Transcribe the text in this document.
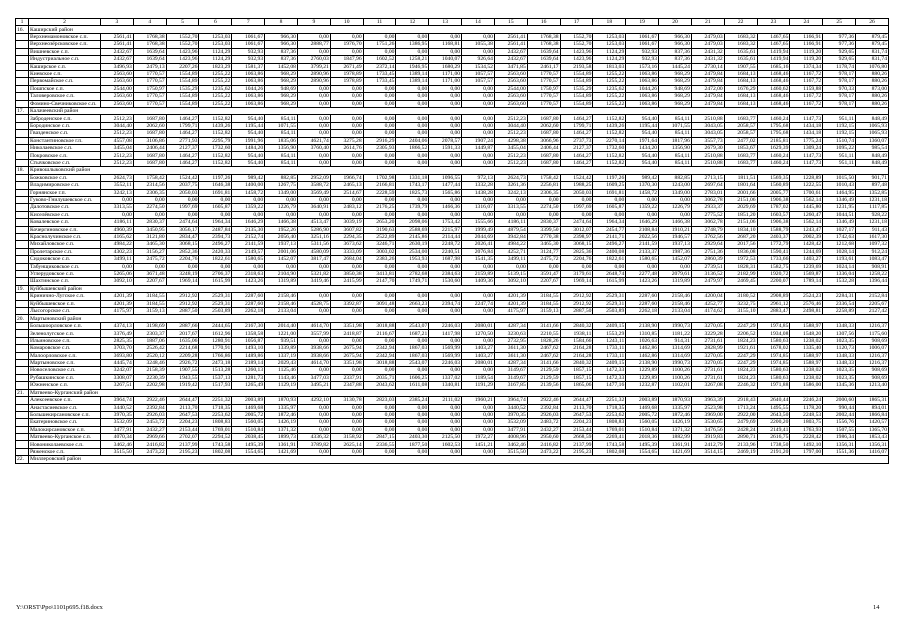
1	2	3	4	5	6	7	8	9	10	11	12	13	14	15	16	17	18	19	20	21	22	23	24	25	26
16.	Каширский район																								
	Верхнемамоновское с.п.	2561,41	1768,38	1552,70	1253,03	1061,67	966,30	0,00	0,00	0,00	0,00	0,00	0,00	2561,41	1768,38	1552,70	1253,03	1061,67	966,30	2479,03	1683,32	1467,65	1166,91	977,36	879,45
	Верхнеозёрсковское с.п.	2561,41	1768,38	1552,70	1253,03	1061,67	966,30	2888,77	1976,70	1751,26	1386,95	1168,81	1055,38	2561,41	1768,38	1552,70	1253,03	1061,67	966,30	2479,03	1683,32	1467,65	1166,91	977,36	879,45
	Вишневское с.п.	2432,67	1639,64	1423,96	1124,29	932,93	837,36	0,00	0,00	0,00	0,00	0,00	0,00	2432,67	1639,64	1423,96	1124,29	932,93	837,36	2431,32	1635,61	1419,94	1119,20	929,65	831,74
	Индустриальное с.п.	2432,67	1639,64	1423,96	1124,29	932,93	837,36	2760,03	1847,96	1602,52	1258,21	1040,07	926,64	2432,67	1639,64	1423,96	1124,29	932,93	837,36	2431,32	1635,61	1419,94	1119,20	929,65	831,74
	Каширское с.п.	3496,93	2479,13	2207,26	1823,29	1581,37	1452,08	3799,21	2671,49	2372,14	1946,95	1680,29	1534,52	3471,85	2461,17	2193,58	1813,03	1573,16	1445,24	2730,14	1907,55	1685,16	1374,34	1178,74	1076,80
	Киевское с.п.	2563,60	1770,57	1554,89	1255,22	1063,86	968,29	2890,96	1978,89	1733,45	1389,14	1171,00	1057,57	2563,60	1770,57	1554,89	1255,22	1063,86	968,29	2479,84	1684,13	1468,46	1167,72	978,17	880,26
	Первомайское с.п.	2563,60	1770,57	1554,89	1255,22	1063,86	968,29	2890,96	1978,89	1733,45	1389,14	1171,00	1057,57	2563,60	1770,57	1554,89	1255,22	1063,86	968,29	2479,84	1684,13	1468,46	1167,72	978,17	880,26
	Пошпское с.п.	2544,00	1750,97	1535,29	1235,62	1044,26	948,69	0,00	0,00	0,00	0,00	0,00	0,00	2544,00	1750,97	1535,29	1235,62	1044,26	948,69	2472,00	1676,29	1460,62	1159,88	970,33	873,00
	Таловеровское с.п.	2563,60	1770,57	1554,89	1255,22	1063,86	968,29	0,00	0,00	0,00	0,00	0,00	0,00	2563,60	1770,57	1554,89	1255,22	1063,86	968,29	2479,84	1684,13	1468,46	1167,72	978,17	880,26
	Фомино-Свечниковское с.п.	2563,60	1770,57	1554,89	1255,22	1063,86	968,29	0,00	0,00	0,00	0,00	0,00	0,00	2563,60	1770,57	1554,89	1255,22	1063,86	968,29	2479,84	1684,13	1468,46	1167,72	978,17	880,26
17.	Калачеевский район																								
	Заброденское с.п.	2512,23	1687,80	1464,27	1152,82	954,40	854,11	0,00	0,00	0,00	0,00	0,00	0,00	2512,23	1687,80	1464,27	1152,82	954,40	854,11	2510,88	1683,77	1460,24	1147,73	951,11	848,49
	Бородинское с.п.	3044,40	2062,60	1799,71	1439,26	1195,44	1071,55	0,00	0,00	0,00	0,00	0,00	0,00	3044,40	2062,60	1799,71	1439,26	1195,44	1071,55	3043,05	2058,57	1795,68	1434,18	1192,15	1065,93
	Гвазденское с.п.	2512,23	1687,80	1464,27	1152,82	954,40	854,11	0,00	0,00	0,00	0,00	0,00	0,00	2512,23	1687,80	1464,27	1152,82	954,40	854,11	3043,05	2058,57	1795,68	1434,18	1192,15	1065,93
	Константиновское г.п.	4557,08	3106,86	2771,93	2295,79	1991,96	1835,06	4621,74	3275,28	2916,29	2404,06	2078,57	1907,24	4298,38	3066,96	2737,73	2270,14	1971,64	1817,96	3557,73	2477,02	2185,81	1775,24	1510,74	1360,07
	Николаевское с.п.	3455,04	2406,44	2127,37	1732,60	1484,20	1356,90	3760,40	2614,76	2305,93	1866,52	1591,33	1449,87	3455,04	2406,44	2127,37	1732,60	1434,20	1356,90	2679,30	1853,67	1629,39	1309,24	1095,22	985,54
	Покровское с.п.	2512,23	1687,80	1464,27	1152,82	954,40	854,11	0,00	0,00	0,00	0,00	0,00	0,00	2512,23	1687,80	1464,27	1152,82	954,40	854,11	2510,88	1683,77	1460,24	1147,73	951,11	848,49
	Стычковское с.п.	2512,23	1687,80	1464,27	1152,82	954,40	854,11	0,00	0,00	0,00	0,00	0,00	0,00	2512,23	1687,80	1464,27	1152,82	954,40	854,11	2510,88	1683,77	1460,24	1147,73	951,11	848,49
18.	Кривошлыковский район																								
	Божковское с.п.	2624,73	1758,42	1524,42	1197,26	989,42	882,85	2952,09	1966,74	1702,98	1331,18	1096,55	972,13	2624,73	1758,42	1524,42	1197,26	989,42	882,85	2713,15	1811,51	1569,35	1228,89	1015,50	901,71
	Владимировское с.п.	3552,11	2314,56	2037,75	1646,38	1400,00	1267,75	3588,72	2465,13	2166,81	1743,17	1477,44	1332,28	3261,36	2256,81	1988,25	1609,25	1370,30	1243,00	2697,64	1801,64	1560,89	1222,55	1010,43	897,48
	Горнянское г.п.	3242,13	2306,35	2050,03	1691,81	1458,72	1349,00	3569,49	2514,67	2228,59	1825,73	1565,86	1438,28	3242,13	2306,35	2050,03	1691,81	1458,72	1349,00	2783,01	2001,66	2005,77	1700,61	1464,95	1352,85
	Гуково-Гнилушевское с.п.	0,00	0,00	0,00	0,00	0,00	0,00	0,00	0,00	0,00	0,00	0,00	0,00	0,00	0,00	0,00	0,00	0,00	0,00	3062,78	2151,06	1906,38	1562,14	1346,49	1231,18
	Далотовское с.п.	3313,55	2274,50	1997,69	1605,87	1359,22	1226,79	3640,91	2483,12	2176,25	1739,79	1466,36	1316,07	3313,55	2274,50	1997,69	1605,87	1359,22	1226,79	2933,37	2029,69	1787,02	1445,80	1231,95	1117,85
	Киселёвское с.п.	0,00	0,00	0,00	0,00	0,00	0,00	0,00	0,00	0,00	0,00	0,00	0,00	0,00	0,00	0,00	0,00	0,00	0,00	2775,52	1851,20	1603,57	1260,47	1044,51	928,22
	Ковалевское с.п.	4186,11	2830,37	2474,64	1964,34	1646,29	1466,38	4513,47	3039,19	2653,20	2098,06	1753,42	1555,66	4186,11	2830,37	2474,64	1964,34	1646,29	1466,38	3062,78	2151,06	1906,38	1562,14	1346,49	1231,18
	Кочергиновское с.п.	4960,39	3450,95	3056,17	2487,84	2135,30	1952,26	5286,90	3607,82	3190,63	2588,69	2215,97	1999,49	4879,54	3399,50	3012,07	2454,77	2108,84	1910,21	2748,79	1834,10	1588,79	1243,47	1027,17	911,43
	Краснолучинское с.п.	4165,62	3121,80	2834,47	2394,73	2152,74	2056,40	3251,16	2294,35	2522,89	2145,86	2114,44	2044,69	3942,84	2770,38	2398,97	2141,71	2022,56	1946,57	3762,56	2687,20	2403,37	2002,39	1742,63	1617,30
	Михайловское с.п.	4984,22	3465,30	3068,15	2496,27	2141,59	1937,13	5311,56	3673,62	3246,71	2630,19	2248,72	2026,41	4984,22	3465,30	3068,15	2496,27	2141,59	1937,13	2929,64	2017,56	1772,79	1428,42	1212,68	1097,32
	Пролетарское с.п.	4302,23	3156,27	2852,36	2420,33	2149,57	2001,06	4580,09	3333,09	3003,02	2534,00	2240,51	2076,84	4252,71	3124,77	2825,36	2400,08	2133,37	1987,36	2751,36	1836,08	1590,41	1244,69	1028,14	912,24
	Сидоковское с.п.	3499,11	2475,72	2204,76	1822,61	1580,65	1452,07	3817,47	2684,04	2383,26	1953,93	1687,98	1541,35	3499,11	2475,72	2204,76	1822,61	1580,65	1452,07	2860,39	1972,53	1733,66	1403,27	1193,61	1083,47
	Табунщиковское с.п.	0,00	0,00	0,00	0,00	0,00	0,00	0,00	0,00	0,00	0,00	0,00	0,00	0,00	0,00	0,00	0,00	0,00	0,00	2739,51	1828,31	1582,75	1239,69	1024,14	908,91
	Углерудовское с.п.	5265,06	3671,48	3248,19	2706,37	2318,63	2104,90	5321,82	3850,38	3413,81	2782,68	2384,63	2159,89	5139,15	3591,47	3179,61	2648,74	2277,48	2079,61	3136,52	2182,99	1920,72	1569,87	1336,04	1258,22
	Шахтинское с.п.	3092,10	2207,67	1969,14	1615,99	1423,26	1319,89	3419,46	2415,99	2147,70	1749,71	1530,60	1409,36	3092,10	2207,67	1969,14	1615,99	1423,26	1319,89	2479,97	2469,45	2200,07	1789,14	1532,28	1396,44
19.	Куйбышевский район																								
	Кринично-Лугское с.п.	4201,39	3184,55	2912,92	2529,31	2287,60	2158,46	0,00	0,00	0,00	0,00	0,00	0,00	4201,39	3184,55	2912,92	2529,31	2287,60	2158,46	4200,04	3180,52	2908,89	2524,23	2284,31	2152,84
	Куйбышевское с.п.	4201,39	3184,55	2912,92	2529,31	2287,60	2158,46	4528,75	3392,87	3091,48	2663,23	2394,74	2247,74	4201,39	3184,55	2912,92	2529,31	2287,60	2158,46	4252,77	3232,75	2961,12	2576,46	2336,54	2205,67
	Лысогорское с.п.	4175,97	3159,13	2887,50	2503,89	2262,18	2133,04	0,00	0,00	0,00	0,00	0,00	0,00	4175,97	3159,13	2887,50	2503,89	2262,18	2133,04	4174,62	3155,10	2883,47	2498,81	2258,89	2127,42
20.	Мартыновский район																								
	Большоорловское с.п.	4374,13	3198,69	2887,66	2444,65	2167,30	2014,40	4614,70	3351,98	3018,88	2543,07	2246,03	2080,01	4287,34	3141,66	2840,32	2409,15	2138,90	1990,73	3270,05	2247,29	1974,85	1588,97	1348,33	1216,37
	Зеленолугское с.п.	3376,49	2303,37	2017,67	1612,96	1358,58	1221,00	3557,99	2418,87	2116,67	1687,21	1417,98	1270,50	3230,63	2210,55	1938,11	1553,29	1310,85	1181,22	3229,28	2206,52	1934,08	1548,20	1307,56	1175,60
	Ильиновское с.п.	2825,35	1887,06	1635,06	1280,91	1056,87	939,51	0,00	0,00	0,00	0,00	0,00	0,00	2732,95	1828,26	1584,66	1243,11	1026,63	914,31	2731,61	1824,23	1580,63	1238,02	1023,35	908,69
	Комаровское с.п.	3703,70	2526,42	2214,68	1770,91	1493,10	1339,89	3938,66	2675,94	2342,94	1867,03	1569,99	1403,27	3611,30	2467,62	2164,28	1733,11	1462,86	1314,69	2828,99	1921,61	1678,02	1335,40	1120,73	1006,07
	Малоорловское с.п.	3693,80	2520,12	2209,28	1766,86	1489,86	1337,19	3938,66	2675,94	2342,94	1867,03	1569,99	1403,27	3611,30	2467,62	2164,28	1733,11	1462,86	1314,69	3270,05	2247,29	1974,85	1588,97	1348,33	1216,37
	Мартыновское с.п.	4445,74	3248,46	2926,72	2473,18	2189,14	2029,43	4614,70	3351,98	3018,88	2543,07	2246,03	2080,01	4287,34	3141,66	2840,32	2409,15	2138,90	1990,73	3270,05	2247,29	1974,85	1588,97	1348,33	1216,37
	Новоселовское с.п.	3242,07	2158,39	1907,55	1513,28	1260,13	1125,46	0,00	0,00	0,00	0,00	0,00	0,00	3149,67	2129,59	1857,15	1472,33	1229,89	1100,26	2731,61	1824,23	1580,63	1238,02	1023,35	908,69
	Рубашкинское с.п.	3308,07	2230,39	1943,55	1537,13	1281,73	1143,46	3477,03	2337,91	2035,71	1606,25	1337,02	1189,54	3149,67	2129,59	1857,15	1472,33	1229,89	1100,26	2731,61	1824,23	1580,63	1238,02	1023,35	908,69
	Южненское с.п.	3267,51	2202,98	1919,42	1517,93	1265,49	1129,19	3495,21	2347,88	2043,62	1611,08	1340,81	1191,29	3167,85	2139,56	1865,06	1477,16	1232,87	1102,01	3267,08	2246,32	1971,88	1586,00	1345,36	1213,40
21.	Матвеево-Курганский район																								
	Алексеевское с.п.	3964,74	2922,46	2644,47	2251,32	2003,89	1870,93	4292,10	3130,78	2823,03	2385,24	2111,02	1960,21	3964,74	2922,46	2644,47	2251,32	2003,89	1870,93	3963,39	2918,43	2640,44	2246,24	2000,60	1865,31
	Анастасиевское с.п.	3440,52	2392,84	2113,70	1718,35	1469,68	1335,97	0,00	0,00	0,00	0,00	0,00	0,00	3440,52	2392,84	2113,70	1718,35	1469,68	1335,97	2523,98	1713,24	1495,55	1178,20	990,44	894,01
	Большекирсановское с.п.	3970,35	2926,03	2647,53	2253,62	2005,72	1872,46	0,00	0,00	0,00	0,00	0,00	0,00	3970,35	2926,03	2647,53	2253,62	2005,72	1872,46	3969,00	2922,00	2643,50	2248,53	2002,44	1866,84
	Екатериновское с.п.	3532,09	2453,72	2204,23	1808,83	1560,05	1426,19	0,00	0,00	0,00	0,00	0,00	0,00	3532,09	2483,72	2204,23	1808,83	1560,05	1426,19	3530,65	2479,69	2200,20	1803,75	1556,76	1420,57
	Малокирсановское с.п.	3477,91	2432,27	2153,44	1769,01	1510,84	1371,32	0,00	0,00	0,00	0,00	0,00	0,00	3477,91	2432,27	2153,44	1769,01	1510,84	1371,32	3476,56	2428,24	2149,41	1763,93	1507,55	1365,70
	Матвеево-Курганское с.п.	4070,34	2969,66	2702,07	2294,52	2038,45	1899,73	4336,32	3158,92	2847,15	2403,30	2125,50	1972,27	4008,96	2950,60	2668,59	2269,41	2018,36	1882,99	3919,83	2890,71	2616,75	2228,42	1986,34	1853,43
	Новониколаевское с.п.	3462,46	2416,82	2137,99	1743,58	1495,39	1361,91	3789,82	2625,14	2336,55	1877,50	1602,53	1451,21	3462,46	2416,82	2137,99	1743,58	1495,39	1361,91	2412,79	2133,96	1738,50	1492,10	1356,31	1356,31
	Ряженское с.п.	3515,50	2473,22	2195,23	1802,08	1554,65	1421,69	0,00	0,00	0,00	0,00	0,00	0,00	3515,50	2473,22	2195,23	1802,08	1554,65	1421,69	3514,15	2469,19	2191,20	1797,00	1551,36	1416,07
22.	Миллеровский район																								
Y:\ORST\Ppo\1101p695.f18.docx	14
